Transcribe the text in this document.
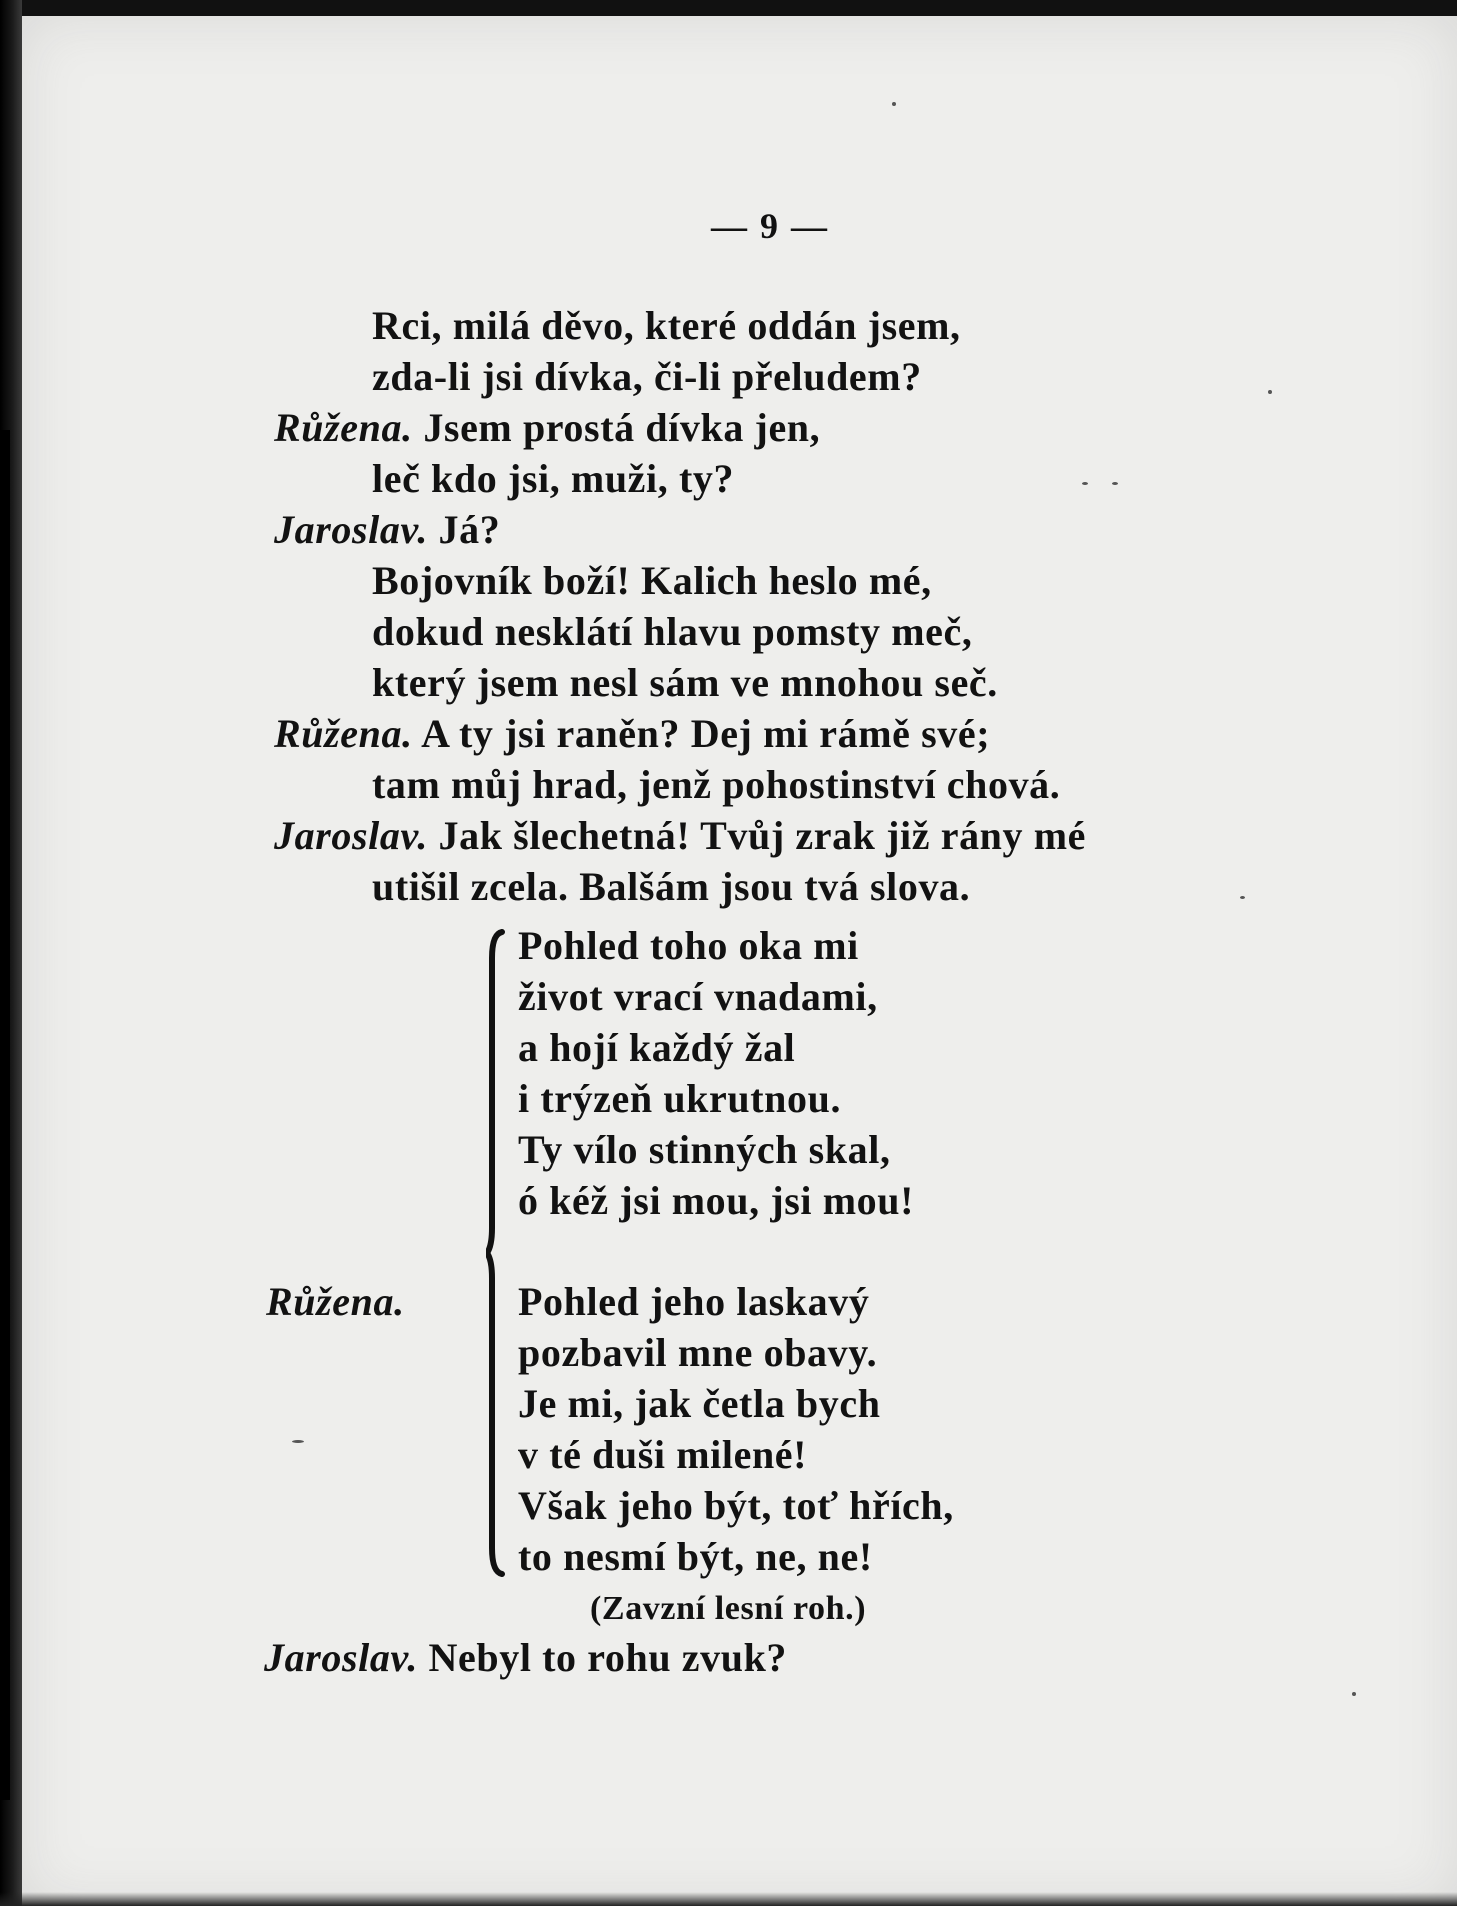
— 9 —
Rci, milá děvo, které oddán jsem,
zda-li jsi dívka, či-li přeludem?
Růžena. Jsem prostá dívka jen,
leč kdo jsi, muži, ty?
Jaroslav. Já?
Bojovník boží! Kalich heslo mé,
dokud nesklátí hlavu pomsty meč,
který jsem nesl sám ve mnohou seč.
Růžena. A ty jsi raněn? Dej mi rámě své;
tam můj hrad, jenž pohostinství chová.
Jaroslav. Jak šlechetná! Tvůj zrak již rány mé
utišil zcela. Balšám jsou tvá slova.
Pohled toho oka mi
život vrací vnadami,
a hojí každý žal
i trýzeň ukrutnou.
Ty vílo stinných skal,
ó kéž jsi mou, jsi mou!
Růžena.	Pohled jeho laskavý
pozbavil mne obavy.
Je mi, jak četla bych
v té duši milené!
Však jeho být, toť hřích,
to nesmí být, ne, ne!
(Zavzní lesní roh.)
Jaroslav. Nebyl to rohu zvuk?
